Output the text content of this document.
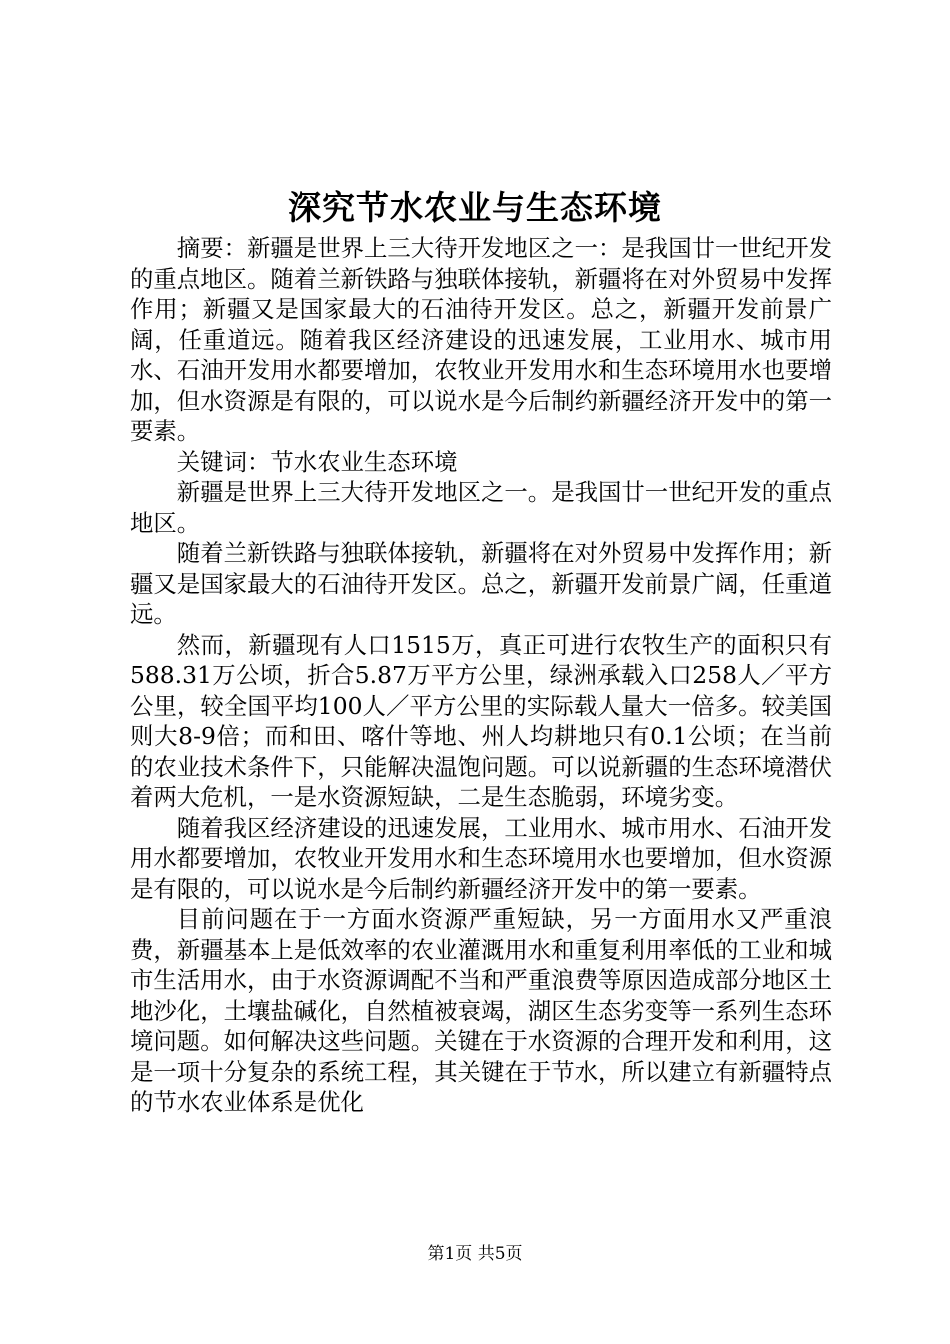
深究节水农业与生态环境

摘要：新疆是世界上三大待开发地区之一：是我国廿一世纪开发的重点地区。随着兰新铁路与独联体接轨，新疆将在对外贸易中发挥作用；新疆又是国家最大的石油待开发区。总之，新疆开发前景广阔，任重道远。随着我区经济建设的迅速发展，工业用水、城市用水、石油开发用水都要增加，农牧业开发用水和生态环境用水也要增加，但水资源是有限的，可以说水是今后制约新疆经济开发中的第一要素。

关键词：节水农业生态环境

新疆是世界上三大待开发地区之一。是我国廿一世纪开发的重点地区。

随着兰新铁路与独联体接轨，新疆将在对外贸易中发挥作用；新疆又是国家最大的石油待开发区。总之，新疆开发前景广阔，任重道远。

然而，新疆现有人口1515万，真正可进行农牧生产的面积只有588.31万公顷，折合5.87万平方公里，绿洲承载入口258人／平方公里，较全国平均100人／平方公里的实际载人量大一倍多。较美国则大8-9倍；而和田、喀什等地、州人均耕地只有0.1公顷；在当前的农业技术条件下，只能解决温饱问题。可以说新疆的生态环境潜伏着两大危机，一是水资源短缺，二是生态脆弱，环境劣变。

随着我区经济建设的迅速发展，工业用水、城市用水、石油开发用水都要增加，农牧业开发用水和生态环境用水也要增加，但水资源是有限的，可以说水是今后制约新疆经济开发中的第一要素。

目前问题在于一方面水资源严重短缺，另一方面用水又严重浪费，新疆基本上是低效率的农业灌溉用水和重复利用率低的工业和城市生活用水，由于水资源调配不当和严重浪费等原因造成部分地区土地沙化，土壤盐碱化，自然植被衰竭，湖区生态劣变等一系列生态环境问题。如何解决这些问题。关键在于水资源的合理开发和利用，这是一项十分复杂的系统工程，其关键在于节水，所以建立有新疆特点的节水农业体系是优化

第1页 共5页
